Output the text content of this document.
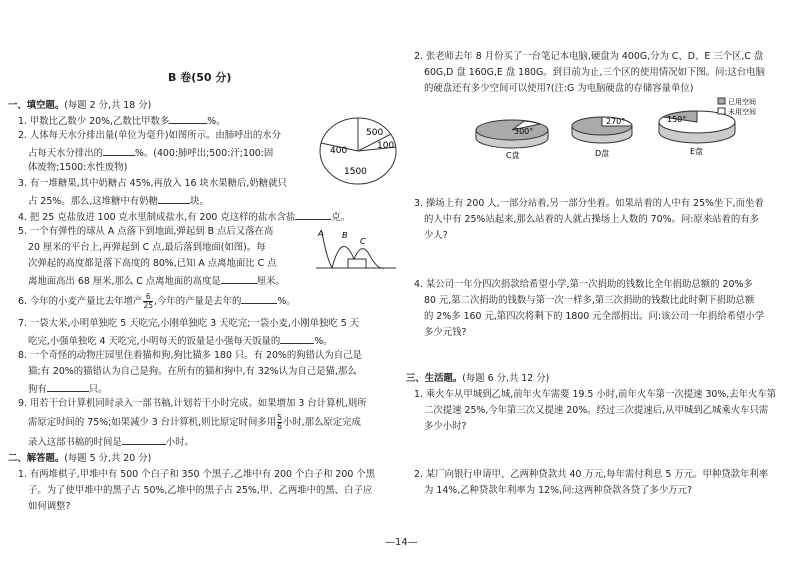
B 卷(50 分)
一、填空题。(每题 2 分,共 18 分)
1. 甲数比乙数少 20%,乙数比甲数多	%。
2. 人体每天水分排出量(单位为毫升)如图所示。由肺呼出的水分
占每天水分排出的	%。(400:肺呼出;500:汗;100:固
体废物;1500:水性废物)
500
400	100
1500
3. 有一堆糖果,其中奶糖占 45%,再放入 16 块水果糖后,奶糖就只
占 25%。那么,这堆糖中有奶糖	块。
4. 把 25 克盐放进 100 克水里制成盐水,有 200 克这样的盐水含盐	克。
5. 一个有弹性的球从 A 点落下到地面,弹起到 B 点后又落在高
20 厘米的平台上,再弹起到 C 点,最后落到地面(如图)。每
次弹起的高度都是落下高度的 80%,已知 A 点离地面比 C 点
离地面高出 68 厘米,那么 C 点离地面的高度是	厘米。
A B
C
6. 今年的小麦产量比去年增产 $\frac{6}{25}$ ,今年的产量是去年的	%。
7. 一袋大米,小明单独吃 5 天吃完,小刚单独吃 3 天吃完;一袋小麦,小刚单独吃 5 天
吃完,小强单独吃 4 天吃完,小明每天的饭量是小强每天饭量的	%。
8. 一个奇怪的动物庄园里住着猫和狗,狗比猫多 180 只。有 20%的狗错认为自己是
猫;有 20%的猫错认为自己是狗。在所有的猫和狗中,有 32%认为自己是猫,那么
狗有	只。
9. 用若干台计算机同时录入一部书稿,计划若干小时完成。如果增加 3 台计算机,则所
需原定时间的 75%;如果减少 3 台计算机,则比原定时间多用 $\frac{5}{6}$ 小时,那么原定完成
录入这部书稿的时间是	小时。
二、解答题。(每题 5 分,共 20 分)
1. 有两堆棋子,甲堆中有 500 个白子和 350 个黑子,乙堆中有 200 个白子和 200 个黑
子。为了使甲堆中的黑子占 50%,乙堆中的黑子占 25%,甲、乙两堆中的黑、白子应
如何调整?
2. 张老师去年 8 月份买了一台笔记本电脑,硬盘为 400G,分为 C、D、E 三个区,C 盘
60G,D 盘 160G,E 盘 180G。到目前为止,三个区的使用情况如下图。问:这台电脑
的硬盘还有多少空间可以使用?(注:G 为电脑硬盘的存储容量单位)
300°
C盘
270°
D盘
150°
E盘
已用空间
未用空间
3. 操场上有 200 人,一部分站着,另一部分坐着。如果站着的人中有 25%坐下,而坐着
的人中有 25%站起来,那么站着的人就占操场上人数的 70%。问:原来站着的有多
少人?
4. 某公司一年分四次捐款给希望小学,第一次捐助的钱数比全年捐助总额的 20%多
80 元,第二次捐助的钱数与第一次一样多,第三次捐助的钱数比此时剩下捐助总额
的 2%多 160 元,第四次将剩下的 1800 元全部捐出。问:该公司一年捐给希望小学
多少元钱?
三、生活题。(每题 6 分,共 12 分)
1. 乘火车从甲城到乙城,前年火车需要 19.5 小时,前年火车第一次提速 30%,去年火车第
二次提速 25%,今年第三次又提速 20%。经过三次提速后,从甲城到乙城乘火车只需
多少小时?
2. 某厂向银行申请甲、乙两种贷款共 40 万元,每年需付利息 5 万元。甲种贷款年利率
为 14%,乙种贷款年利率为 12%,问:这两种贷款各贷了多少万元?
—14—
